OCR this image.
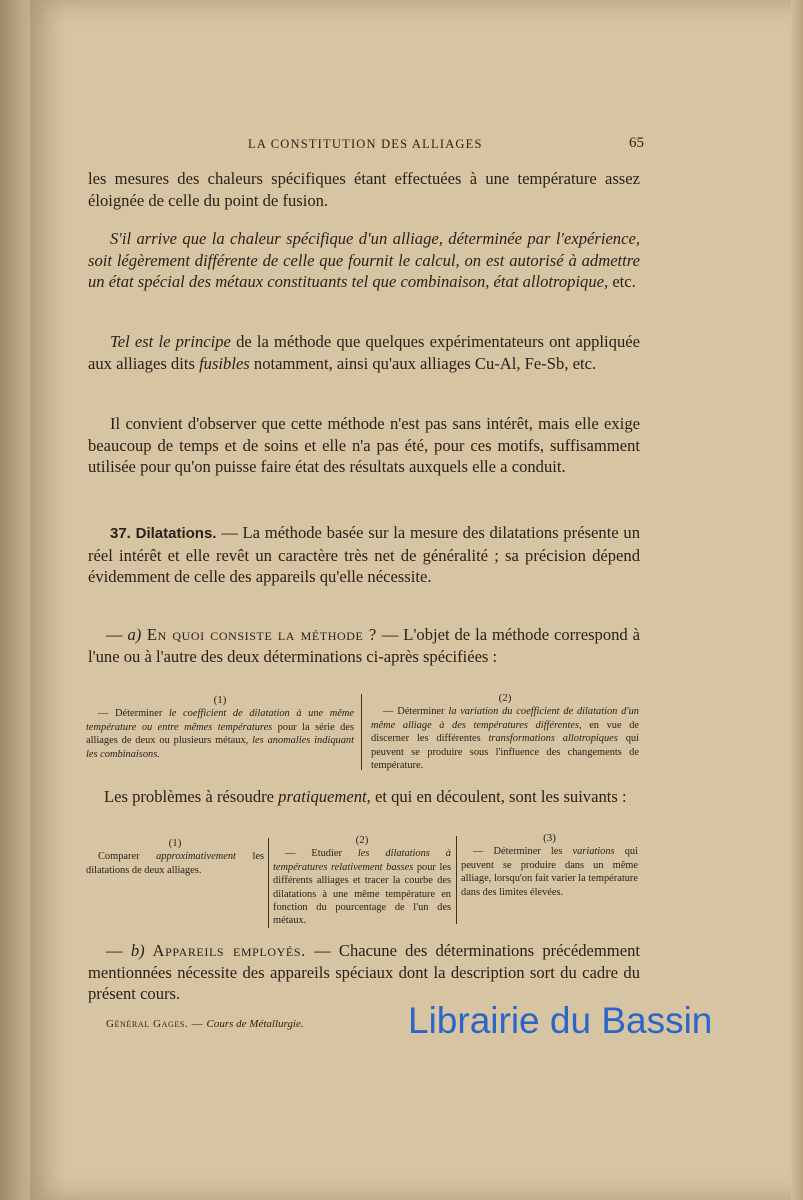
LA CONSTITUTION DES ALLIAGES	65

les mesures des chaleurs spécifiques étant effectuées à une température assez éloignée de celle du point de fusion.

S'il arrive que la chaleur spécifique d'un alliage, déterminée par l'expérience, soit légèrement différente de celle que fournit le calcul, on est autorisé à admettre un état spécial des métaux constituants tel que combinaison, état allotropique, etc.

Tel est le principe de la méthode que quelques expérimentateurs ont appliquée aux alliages dits fusibles notamment, ainsi qu'aux alliages Cu-Al, Fe-Sb, etc.

Il convient d'observer que cette méthode n'est pas sans intérêt, mais elle exige beaucoup de temps et de soins et elle n'a pas été, pour ces motifs, suffisamment utilisée pour qu'on puisse faire état des résultats auxquels elle a conduit.

37. Dilatations. — La méthode basée sur la mesure des dilatations présente un réel intérêt et elle revêt un caractère très net de généralité ; sa précision dépend évidemment de celle des appareils qu'elle nécessite.

— a) En quoi consiste la méthode ? — L'objet de la méthode correspond à l'une ou à l'autre des deux déterminations ci-après spécifiées :

(1)

— Déterminer le coefficient de dilatation à une même température ou entre mêmes températures pour la série des alliages de deux ou plusieurs métaux, les anomalies indiquant les combinaisons.

(2)

— Déterminer la variation du coefficient de dilatation d'un même alliage à des températures différentes, en vue de discerner les différentes transformations allotropiques qui peuvent se produire sous l'influence des changements de température.

Les problèmes à résoudre pratiquement, et qui en découlent, sont les suivants :

(1)

Comparer approximativement les dilatations de deux alliages.

(2)

— Etudier les dilatations à températures relativement basses pour les différents alliages et tracer la courbe des dilatations à une même température en fonction du pourcentage de l'un des métaux.

(3)

— Déterminer les variations qui peuvent se produire dans un même alliage, lorsqu'on fait varier la température dans des limites élevées.

— b) Appareils employés. — Chacune des déterminations précédemment mentionnées nécessite des appareils spéciaux dont la description sort du cadre du présent cours.

Général Gages. — Cours de Métallurgie.	Librairie du Bassin
